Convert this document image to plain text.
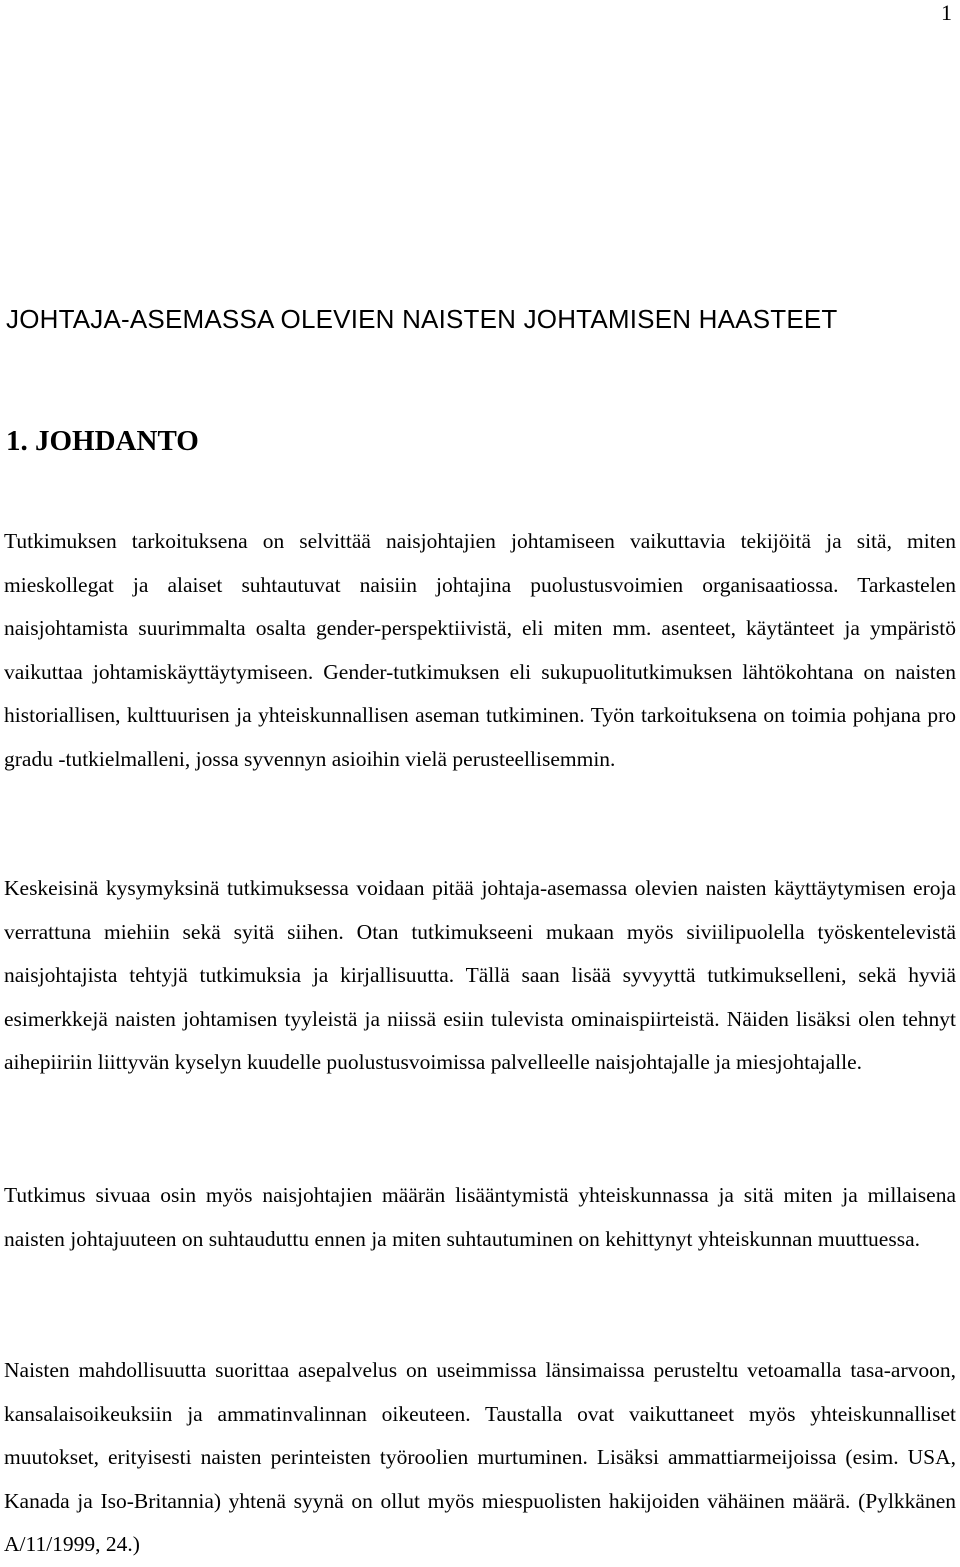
1
JOHTAJA-ASEMASSA OLEVIEN NAISTEN JOHTAMISEN HAASTEET
1. JOHDANTO

Tutkimuksen tarkoituksena on selvittää naisjohtajien johtamiseen vaikuttavia tekijöitä ja sitä, miten mieskollegat ja alaiset suhtautuvat naisiin johtajina puolustusvoimien organisaatiossa. Tarkastelen naisjohtamista suurimmalta osalta gender-perspektiivistä, eli miten mm. asenteet, käytänteet ja ympäristö vaikuttaa johtamiskäyttäytymiseen. Gender-tutkimuksen eli sukupuolitutkimuksen lähtökohtana on naisten historiallisen, kulttuurisen ja yhteiskunnallisen aseman tutkiminen. Työn tarkoituksena on toimia pohjana pro gradu -tutkielmalleni, jossa syvennyn asioihin vielä perusteellisemmin.

Keskeisinä kysymyksinä tutkimuksessa voidaan pitää johtaja-asemassa olevien naisten käyttäytymisen eroja verrattuna miehiin sekä syitä siihen. Otan tutkimukseeni mukaan myös siviilipuolella työskentelevistä naisjohtajista tehtyjä tutkimuksia ja kirjallisuutta. Tällä saan lisää syvyyttä tutkimukselleni, sekä hyviä esimerkkejä naisten johtamisen tyyleistä ja niissä esiin tulevista ominaispiirteistä. Näiden lisäksi olen tehnyt aihepiiriin liittyvän kyselyn kuudelle puolustusvoimissa palvelleelle naisjohtajalle ja miesjohtajalle.

Tutkimus sivuaa osin myös naisjohtajien määrän lisääntymistä yhteiskunnassa ja sitä miten ja millaisena naisten johtajuuteen on suhtauduttu ennen ja miten suhtautuminen on kehittynyt yhteiskunnan muuttuessa.

Naisten mahdollisuutta suorittaa asepalvelus on useimmissa länsimaissa perusteltu vetoamalla tasa-arvoon, kansalaisoikeuksiin ja ammatinvalinnan oikeuteen. Taustalla ovat vaikuttaneet myös yhteiskunnalliset muutokset, erityisesti naisten perinteisten työroolien murtuminen. Lisäksi ammattiarmeijoissa (esim. USA, Kanada ja Iso-Britannia) yhtenä syynä on ollut myös miespuolisten hakijoiden vähäinen määrä. (Pylkkänen A/11/1999, 24.)
